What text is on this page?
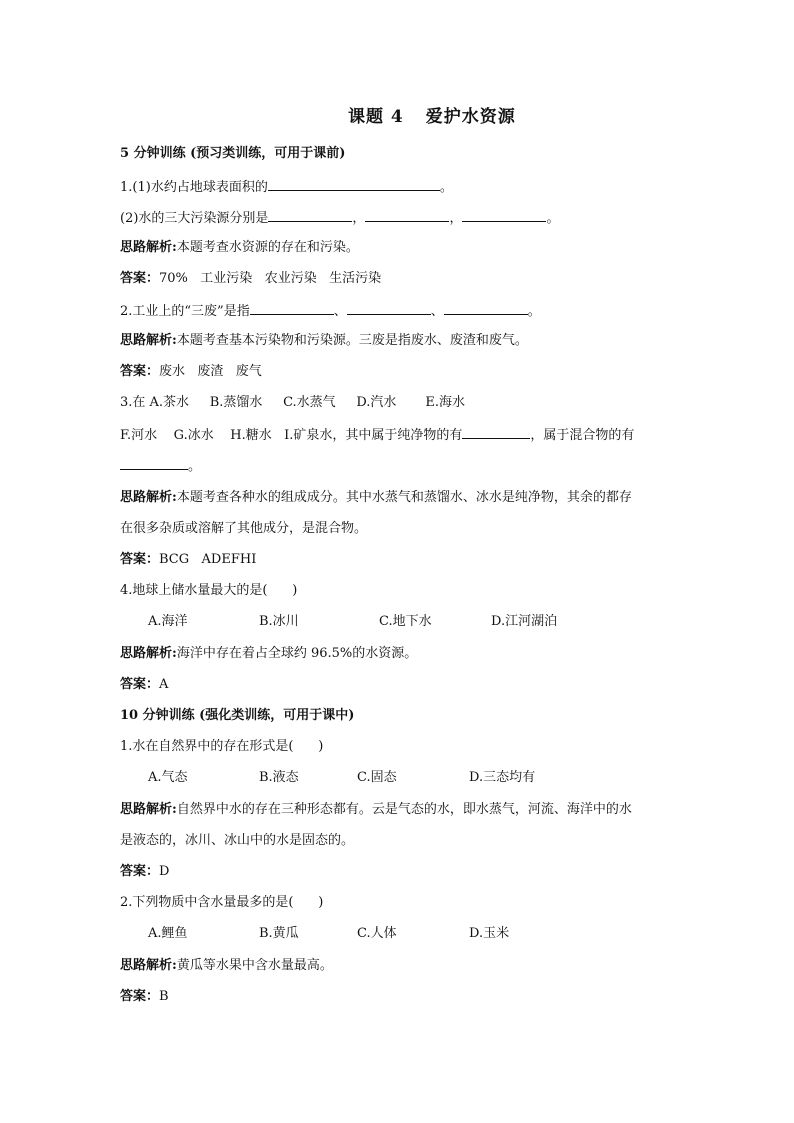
课题 4 爱护水资源
5 分钟训练 (预习类训练，可用于课前)
1.(1)水约占地球表面积的	。
(2)水的三大污染源分别是	，	，	。
思路解析:本题考查水资源的存在和污染。
答案：70%   工业污染   农业污染   生活污染
2.工业上的“三废”是指	、	、	。
思路解析:本题考查基本污染物和污染源。三废是指废水、废渣和废气。
答案：废水   废渣   废气
3.在 A.茶水     B.蒸馏水     C.水蒸气     D.汽水       E.海水
F.河水    G.冰水    H.糖水   I.矿泉水，其中属于纯净物的有	，属于混合物的有
。
思路解析:本题考查各种水的组成成分。其中水蒸气和蒸馏水、冰水是纯净物，其余的都存
在很多杂质或溶解了其他成分，是混合物。
答案：BCG   ADEFHI
4.地球上储水量最大的是(      )
A.海洋	B.冰川	C.地下水	D.江河湖泊
思路解析:海洋中存在着占全球约 96.5%的水资源。
答案：A
10 分钟训练 (强化类训练，可用于课中)
1.水在自然界中的存在形式是(      )
A.气态	B.液态	C.固态	D.三态均有
思路解析:自然界中水的存在三种形态都有。云是气态的水，即水蒸气，河流、海洋中的水
是液态的，冰川、冰山中的水是固态的。
答案：D
2.下列物质中含水量最多的是(      )
A.鲤鱼	B.黄瓜	C.人体	D.玉米
思路解析:黄瓜等水果中含水量最高。
答案：B
